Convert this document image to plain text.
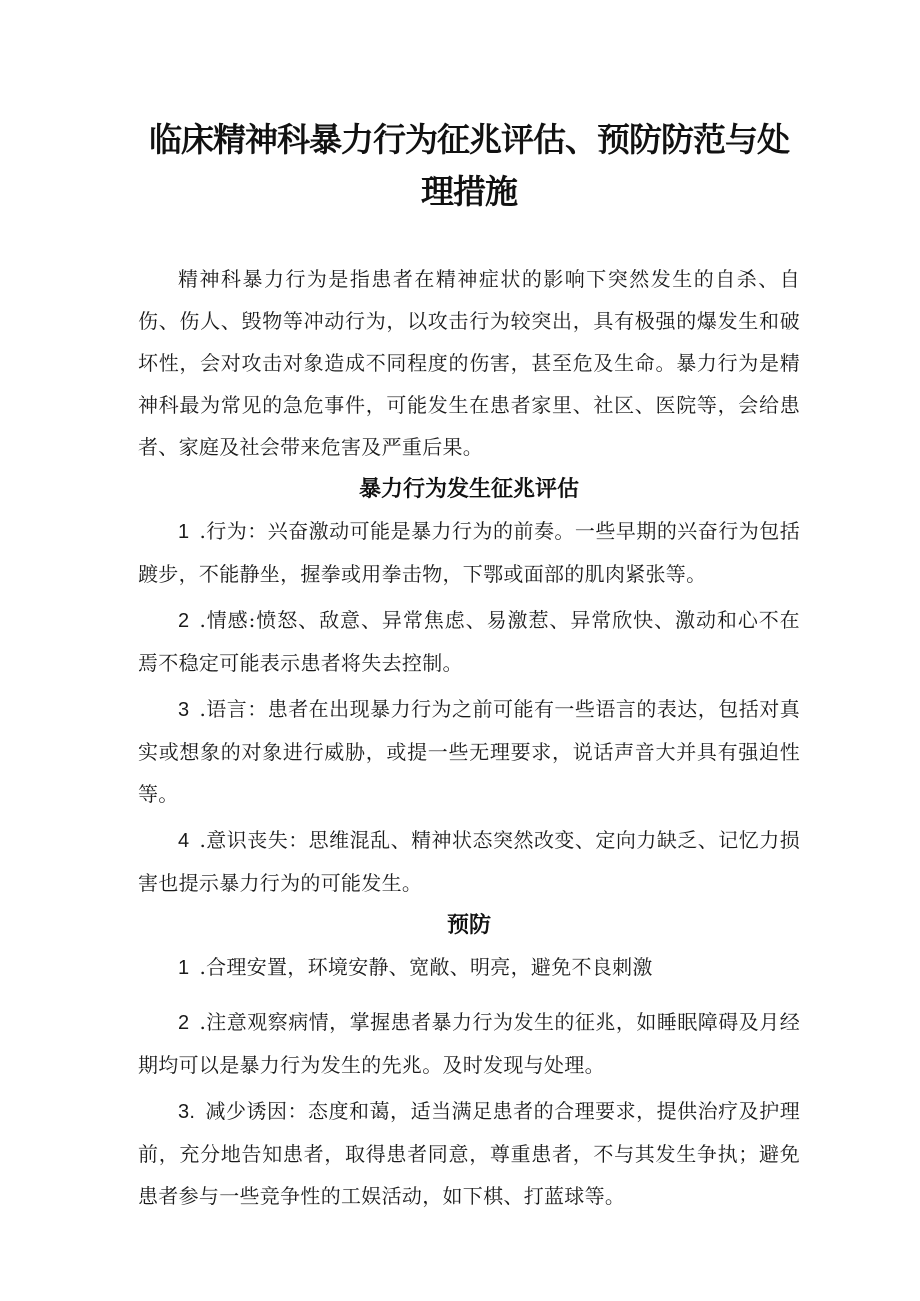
临床精神科暴力行为征兆评估、预防防范与处理措施

精神科暴力行为是指患者在精神症状的影响下突然发生的自杀、自伤、伤人、毁物等冲动行为，以攻击行为较突出，具有极强的爆发生和破坏性，会对攻击对象造成不同程度的伤害，甚至危及生命。暴力行为是精神科最为常见的急危事件，可能发生在患者家里、社区、医院等，会给患者、家庭及社会带来危害及严重后果。

暴力行为发生征兆评估

1 .行为：兴奋激动可能是暴力行为的前奏。一些早期的兴奋行为包括踱步，不能静坐，握拳或用拳击物，下鄂或面部的肌肉紧张等。

2 .情感:愤怒、敌意、异常焦虑、易激惹、异常欣快、激动和心不在焉不稳定可能表示患者将失去控制。

3 .语言：患者在出现暴力行为之前可能有一些语言的表达，包括对真实或想象的对象进行威胁，或提一些无理要求，说话声音大并具有强迫性等。

4 .意识丧失：思维混乱、精神状态突然改变、定向力缺乏、记忆力损害也提示暴力行为的可能发生。

预防

1 .合理安置，环境安静、宽敞、明亮，避免不良刺激

2 .注意观察病情，掌握患者暴力行为发生的征兆，如睡眠障碍及月经期均可以是暴力行为发生的先兆。及时发现与处理。

3. 减少诱因：态度和蔼，适当满足患者的合理要求，提供治疗及护理前，充分地告知患者，取得患者同意，尊重患者，不与其发生争执；避免患者参与一些竞争性的工娱活动，如下棋、打蓝球等。
